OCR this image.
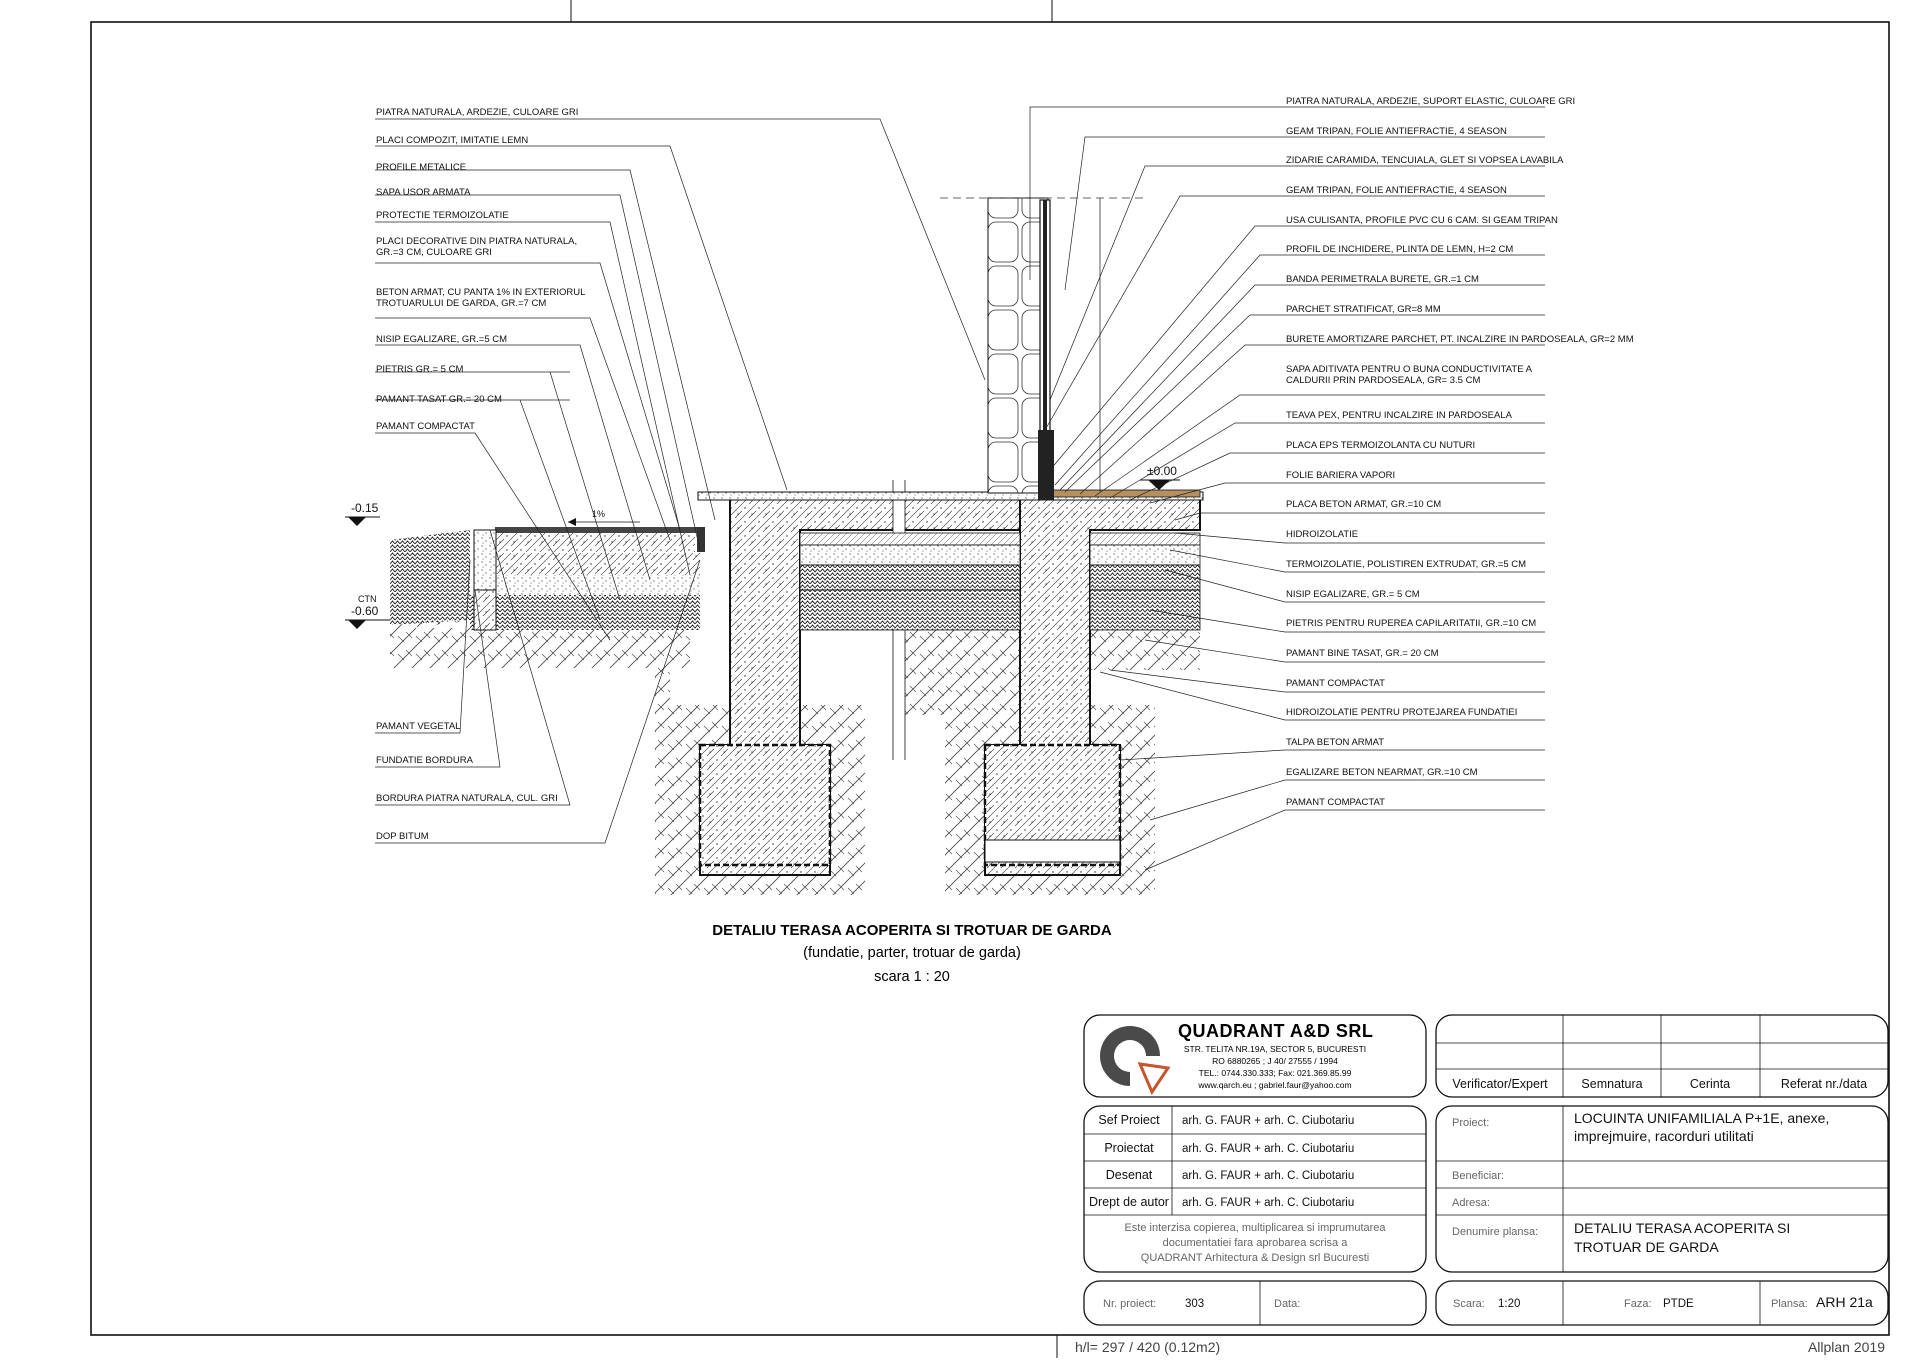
±0.00
-0.15
CTN
-0.60
1%
PIATRA NATURALA, ARDEZIE, CULOARE GRI
PLACI COMPOZIT, IMITATIE LEMN
PROFILE METALICE
SAPA USOR ARMATA
PROTECTIE TERMOIZOLATIE
PLACI DECORATIVE DIN PIATRA NATURALA,
GR.=3 CM, CULOARE GRI
BETON ARMAT, CU PANTA 1% IN EXTERIORUL
TROTUARULUI DE GARDA, GR.=7 CM
NISIP EGALIZARE, GR.=5 CM
PIETRIS GR.= 5 CM
PAMANT TASAT GR.= 20 CM
PAMANT COMPACTAT
PAMANT VEGETAL
FUNDATIE BORDURA
BORDURA PIATRA NATURALA, CUL. GRI
DOP BITUM
PIATRA NATURALA, ARDEZIE, SUPORT ELASTIC, CULOARE GRI
GEAM TRIPAN, FOLIE ANTIEFRACTIE, 4 SEASON
ZIDARIE CARAMIDA, TENCUIALA, GLET SI VOPSEA LAVABILA
GEAM TRIPAN, FOLIE ANTIEFRACTIE, 4 SEASON
USA CULISANTA, PROFILE PVC CU 6 CAM. SI GEAM TRIPAN
PROFIL DE INCHIDERE, PLINTA DE LEMN, H=2 CM
BANDA PERIMETRALA BURETE, GR.=1 CM
PARCHET STRATIFICAT, GR=8 MM
BURETE AMORTIZARE PARCHET, PT. INCALZIRE IN PARDOSEALA, GR=2 MM
SAPA ADITIVATA PENTRU O BUNA CONDUCTIVITATE A
CALDURII PRIN PARDOSEALA, GR= 3.5 CM
TEAVA PEX, PENTRU INCALZIRE IN PARDOSEALA
PLACA EPS TERMOIZOLANTA CU NUTURI
FOLIE BARIERA VAPORI
PLACA BETON ARMAT, GR.=10 CM
HIDROIZOLATIE
TERMOIZOLATIE, POLISTIREN EXTRUDAT, GR.=5 CM
NISIP EGALIZARE, GR.= 5 CM
PIETRIS PENTRU RUPEREA CAPILARITATII, GR.=10 CM
PAMANT BINE TASAT, GR.= 20 CM
PAMANT COMPACTAT
HIDROIZOLATIE PENTRU PROTEJAREA FUNDATIEI
TALPA BETON ARMAT
EGALIZARE BETON NEARMAT, GR.=10 CM
PAMANT COMPACTAT
DETALIU TERASA ACOPERITA SI TROTUAR DE GARDA
(fundatie, parter, trotuar de garda)
scara 1 : 20
QUADRANT A&D SRL
STR. TELITA NR.19A, SECTOR 5, BUCURESTI
RO 6880265 ; J 40/ 27555 / 1994
TEL.: 0744.330.333; Fax: 021.369.85.99
www.qarch.eu ; gabriel.faur@yahoo.com	Verificator/Expert	Semnatura	Cerinta	Referat nr./data
Sef Proiect arh. G. FAUR + arh. C. Ciubotariu
Proiectat arh. G. FAUR + arh. C. Ciubotariu
Desenat	arh. G. FAUR + arh. C. Ciubotariu
Drept de autor arh. G. FAUR + arh. C. Ciubotariu
Este interzisa copierea, multiplicarea si imprumutarea
documentatiei fara aprobarea scrisa a
QUADRANT Arhitectura & Design srl Bucuresti
Proiect:	LOCUINTA UNIFAMILIALA P+1E, anexe,
imprejmuire, racorduri utilitati
Beneficiar:
Adresa:
Denumire plansa:	DETALIU TERASA ACOPERITA SI
TROTUAR DE GARDA
Nr. proiect:	303	Data:	Scara: 1:20	Faza: PTDE	Plansa: ARH 21a
h/l= 297 / 420 (0.12m2)	Allplan 2019
